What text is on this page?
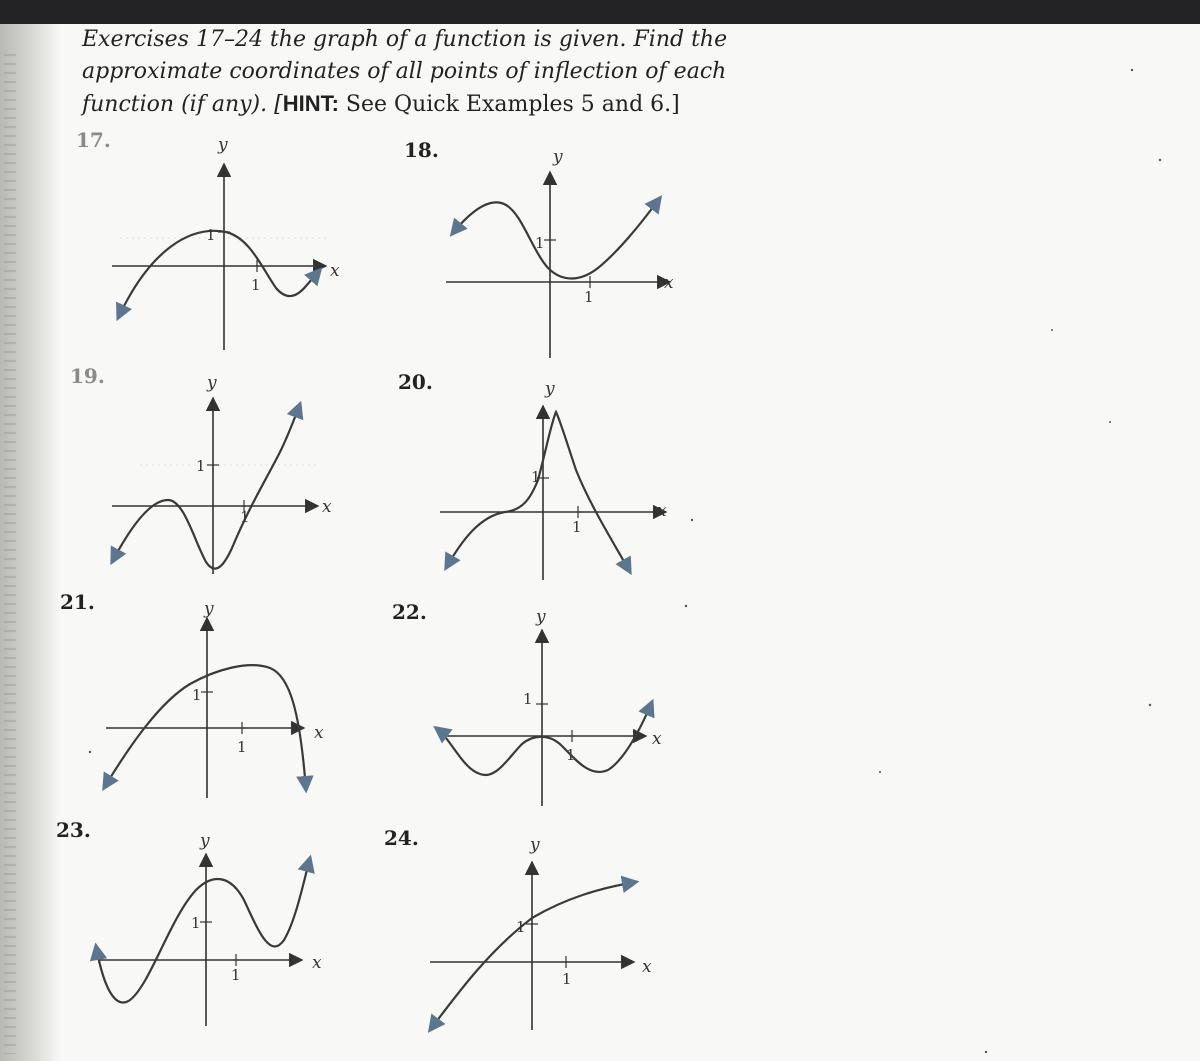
Exercises 17–24 the graph of a function is given. Find the
approximate coordinates of all points of inflection of each
function (if any). [HINT: See Quick Examples 5 and 6.]
17.	18.
19.	20.
21.	22.
23.	24.
y
x
1
1
y
x
1
1
y
x
1
1
y
x
1
1
y
x
1
1
y
x
1
1
y
x
1
1
y
x
1
1
